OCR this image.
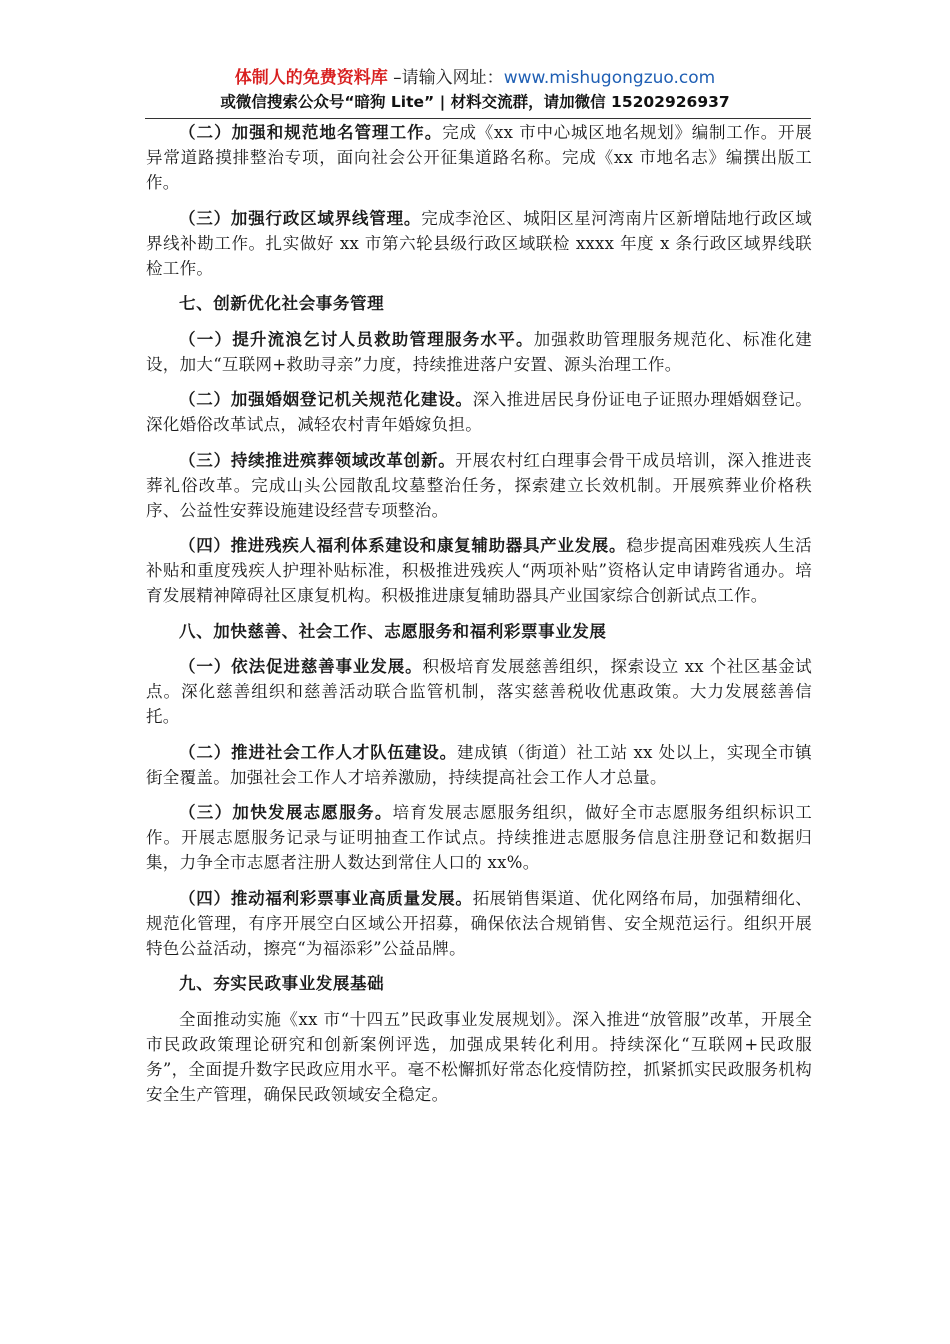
体制人的免费资料库 –请输入网址：www.mishugongzuo.com
或微信搜索公众号“暗狗 Lite” | 材料交流群，请加微信 15202926937

（二）加强和规范地名管理工作。完成《xx 市中心城区地名规划》编制工作。开展异常道路摸排整治专项，面向社会公开征集道路名称。完成《xx 市地名志》编撰出版工作。

（三）加强行政区域界线管理。完成李沧区、城阳区星河湾南片区新增陆地行政区域界线补勘工作。扎实做好 xx 市第六轮县级行政区域联检 xxxx 年度 x 条行政区域界线联检工作。

七、创新优化社会事务管理

（一）提升流浪乞讨人员救助管理服务水平。加强救助管理服务规范化、标准化建设，加大“互联网+救助寻亲”力度，持续推进落户安置、源头治理工作。

（二）加强婚姻登记机关规范化建设。深入推进居民身份证电子证照办理婚姻登记。深化婚俗改革试点，减轻农村青年婚嫁负担。

（三）持续推进殡葬领域改革创新。开展农村红白理事会骨干成员培训，深入推进丧葬礼俗改革。完成山头公园散乱坟墓整治任务，探索建立长效机制。开展殡葬业价格秩序、公益性安葬设施建设经营专项整治。

（四）推进残疾人福利体系建设和康复辅助器具产业发展。稳步提高困难残疾人生活补贴和重度残疾人护理补贴标准，积极推进残疾人“两项补贴”资格认定申请跨省通办。培育发展精神障碍社区康复机构。积极推进康复辅助器具产业国家综合创新试点工作。

八、加快慈善、社会工作、志愿服务和福利彩票事业发展

（一）依法促进慈善事业发展。积极培育发展慈善组织，探索设立 xx 个社区基金试点。深化慈善组织和慈善活动联合监管机制，落实慈善税收优惠政策。大力发展慈善信托。

（二）推进社会工作人才队伍建设。建成镇（街道）社工站 xx 处以上，实现全市镇街全覆盖。加强社会工作人才培养激励，持续提高社会工作人才总量。

（三）加快发展志愿服务。培育发展志愿服务组织，做好全市志愿服务组织标识工作。开展志愿服务记录与证明抽查工作试点。持续推进志愿服务信息注册登记和数据归集，力争全市志愿者注册人数达到常住人口的 xx%。

（四）推动福利彩票事业高质量发展。拓展销售渠道、优化网络布局，加强精细化、规范化管理，有序开展空白区域公开招募，确保依法合规销售、安全规范运行。组织开展特色公益活动，擦亮“为福添彩”公益品牌。

九、夯实民政事业发展基础

全面推动实施《xx 市“十四五”民政事业发展规划》。深入推进“放管服”改革，开展全市民政政策理论研究和创新案例评选，加强成果转化利用。持续深化“互联网+民政服务”，全面提升数字民政应用水平。毫不松懈抓好常态化疫情防控，抓紧抓实民政服务机构安全生产管理，确保民政领域安全稳定。
